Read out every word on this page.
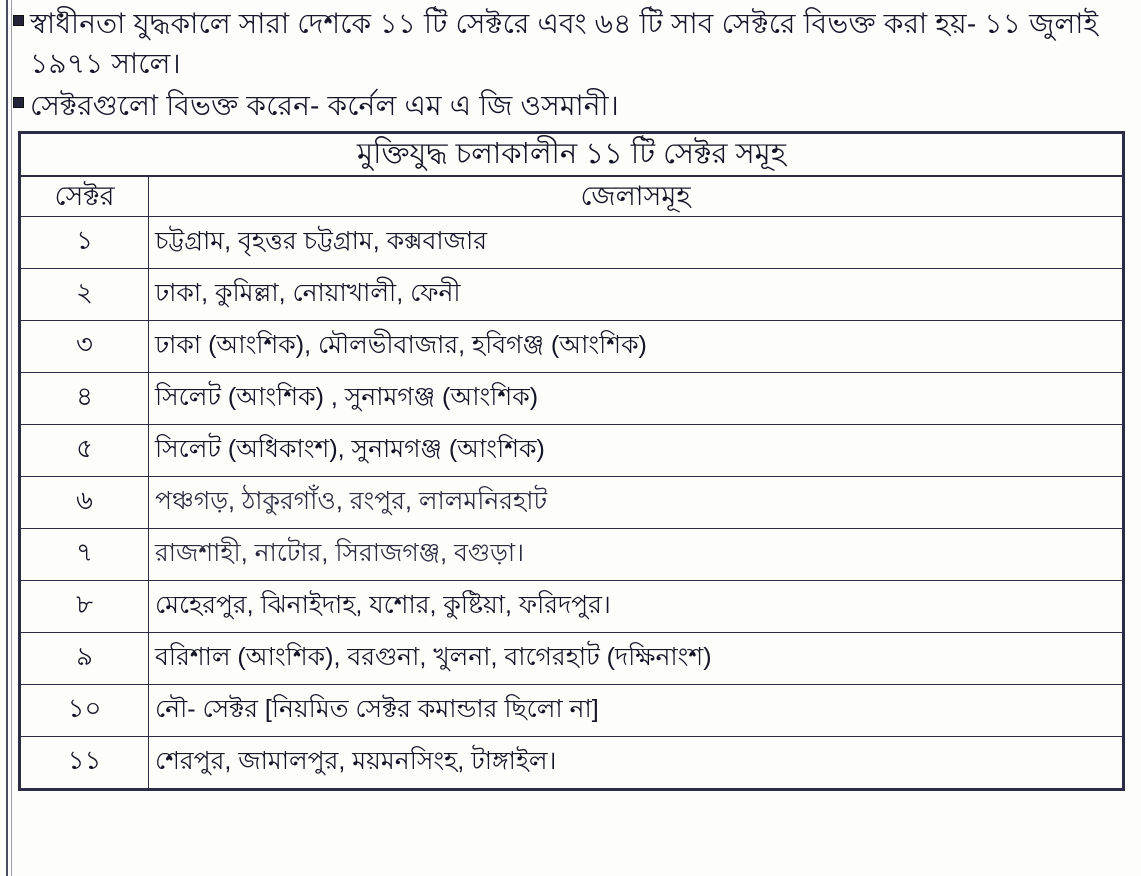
স্বাধীনতা যুদ্ধকালে সারা দেশকে ১১ টি সেক্টরে এবং ৬৪ টি সাব সেক্টরে বিভক্ত করা হয়- ১১ জুলাই ১৯৭১ সালে।
সেক্টরগুলো বিভক্ত করেন- কর্নেল এম এ জি ওসমানী।
মুক্তিযুদ্ধ চলাকালীন ১১ টি সেক্টর সমূহ	
সেক্টর	জেলাসমূহ
১	চট্টগ্রাম, বৃহত্তর চট্টগ্রাম, কক্সবাজার
২	ঢাকা, কুমিল্লা, নোয়াখালী, ফেনী
৩	ঢাকা (আংশিক), মৌলভীবাজার, হবিগঞ্জ (আংশিক)
৪	সিলেট (আংশিক) , সুনামগঞ্জ (আংশিক)
৫	সিলেট (অধিকাংশ), সুনামগঞ্জ (আংশিক)
৬	পঞ্চগড়, ঠাকুরগাঁও, রংপুর, লালমনিরহাট
৭	রাজশাহী, নাটোর, সিরাজগঞ্জ, বগুড়া।
৮	মেহেরপুর, ঝিনাইদাহ, যশোর, কুষ্টিয়া, ফরিদপুর।
৯	বরিশাল (আংশিক), বরগুনা, খুলনা, বাগেরহাট (দক্ষিনাংশ)
১০	নৌ- সেক্টর [নিয়মিত সেক্টর কমান্ডার ছিলো না]
১১	শেরপুর, জামালপুর, ময়মনসিংহ, টাঙ্গাইল।
